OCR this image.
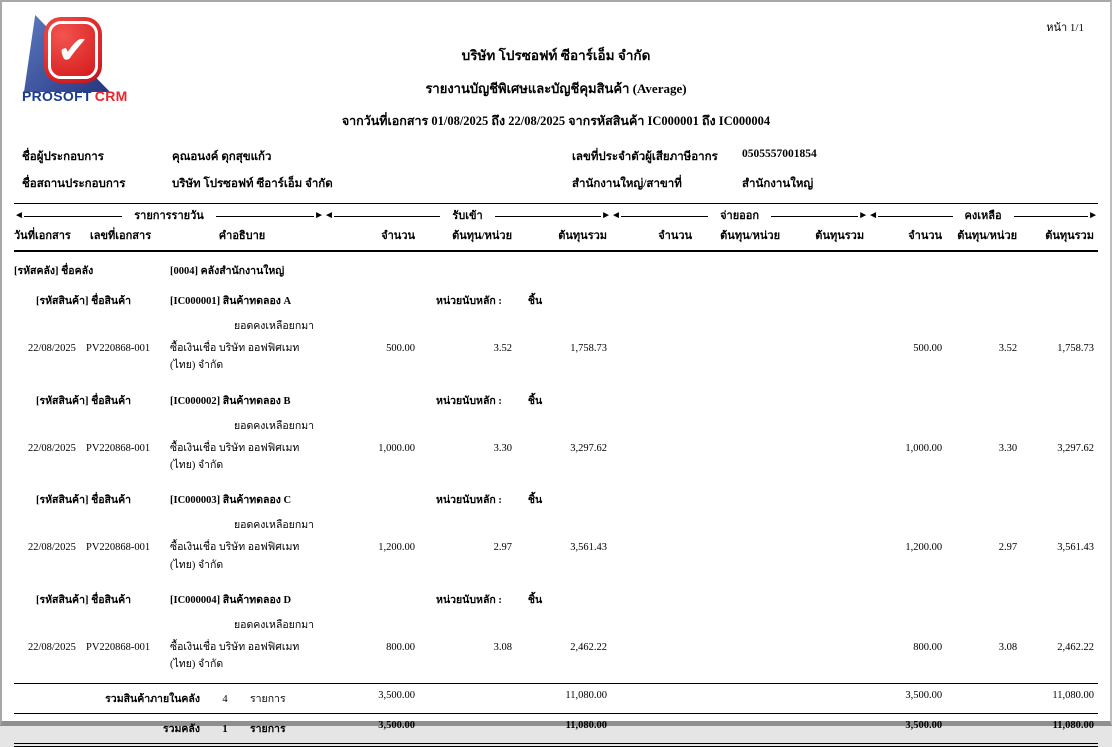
หน้า 1/1
✔
PROSOFT CRM
บริษัท โปรซอฟท์ ซีอาร์เอ็ม จำกัด
รายงานบัญชีพิเศษและบัญชีคุมสินค้า (Average)
จากวันที่เอกสาร 01/08/2025 ถึง 22/08/2025 จากรหัสสินค้า IC000001 ถึง IC000004
ชื่อผู้ประกอบการ	คุณอนงค์ ดุกสุขแก้ว	เลขที่ประจำตัวผู้เสียภาษีอากร	0505557001854
ชื่อสถานประกอบการ	บริษัท โปรซอฟท์ ซีอาร์เอ็ม จำกัด	สำนักงานใหญ่/สาขาที่	สำนักงานใหญ่
◄ รายการรายวัน ►			◄ รับเข้า ►			◄ จ่ายออก ►			◄ คงเหลือ ►		

วันที่เอกสาร	เลขที่เอกสาร	คำอธิบาย	จำนวน	ต้นทุน/หน่วย	ต้นทุนรวม	จำนวน	ต้นทุน/หน่วย	ต้นทุนรวม	จำนวน	ต้นทุน/หน่วย	ต้นทุนรวม
[รหัสคลัง] ชื่อคลัง		[0004] คลังสำนักงานใหญ่									
[รหัสสินค้า] ชื่อสินค้า		[IC000001] สินค้าทดลอง A	หน่วยนับหลัก : ชิ้น								
		ยอดคงเหลือยกมา									
22/08/2025	PV220868-001	ซื้อเงินเชื่อ บริษัท ออฟฟิศเมท
(ไทย) จำกัด	500.00	3.52	1,758.73				500.00	3.52	1,758.73
[รหัสสินค้า] ชื่อสินค้า		[IC000002] สินค้าทดลอง B	หน่วยนับหลัก : ชิ้น								
		ยอดคงเหลือยกมา									
22/08/2025	PV220868-001	ซื้อเงินเชื่อ บริษัท ออฟฟิศเมท
(ไทย) จำกัด	1,000.00	3.30	3,297.62				1,000.00	3.30	3,297.62
[รหัสสินค้า] ชื่อสินค้า		[IC000003] สินค้าทดลอง C	หน่วยนับหลัก : ชิ้น								
		ยอดคงเหลือยกมา									
22/08/2025	PV220868-001	ซื้อเงินเชื่อ บริษัท ออฟฟิศเมท
(ไทย) จำกัด	1,200.00	2.97	3,561.43				1,200.00	2.97	3,561.43
[รหัสสินค้า] ชื่อสินค้า		[IC000004] สินค้าทดลอง D	หน่วยนับหลัก : ชิ้น								
		ยอดคงเหลือยกมา									
22/08/2025	PV220868-001	ซื้อเงินเชื่อ บริษัท ออฟฟิศเมท
(ไทย) จำกัด	800.00	3.08	2,462.22				800.00	3.08	2,462.22
รวมสินค้าภายในคลัง 4 รายการ			3,500.00		11,080.00				3,500.00		11,080.00
รวมคลัง 1 รายการ			3,500.00		11,080.00				3,500.00		11,080.00
